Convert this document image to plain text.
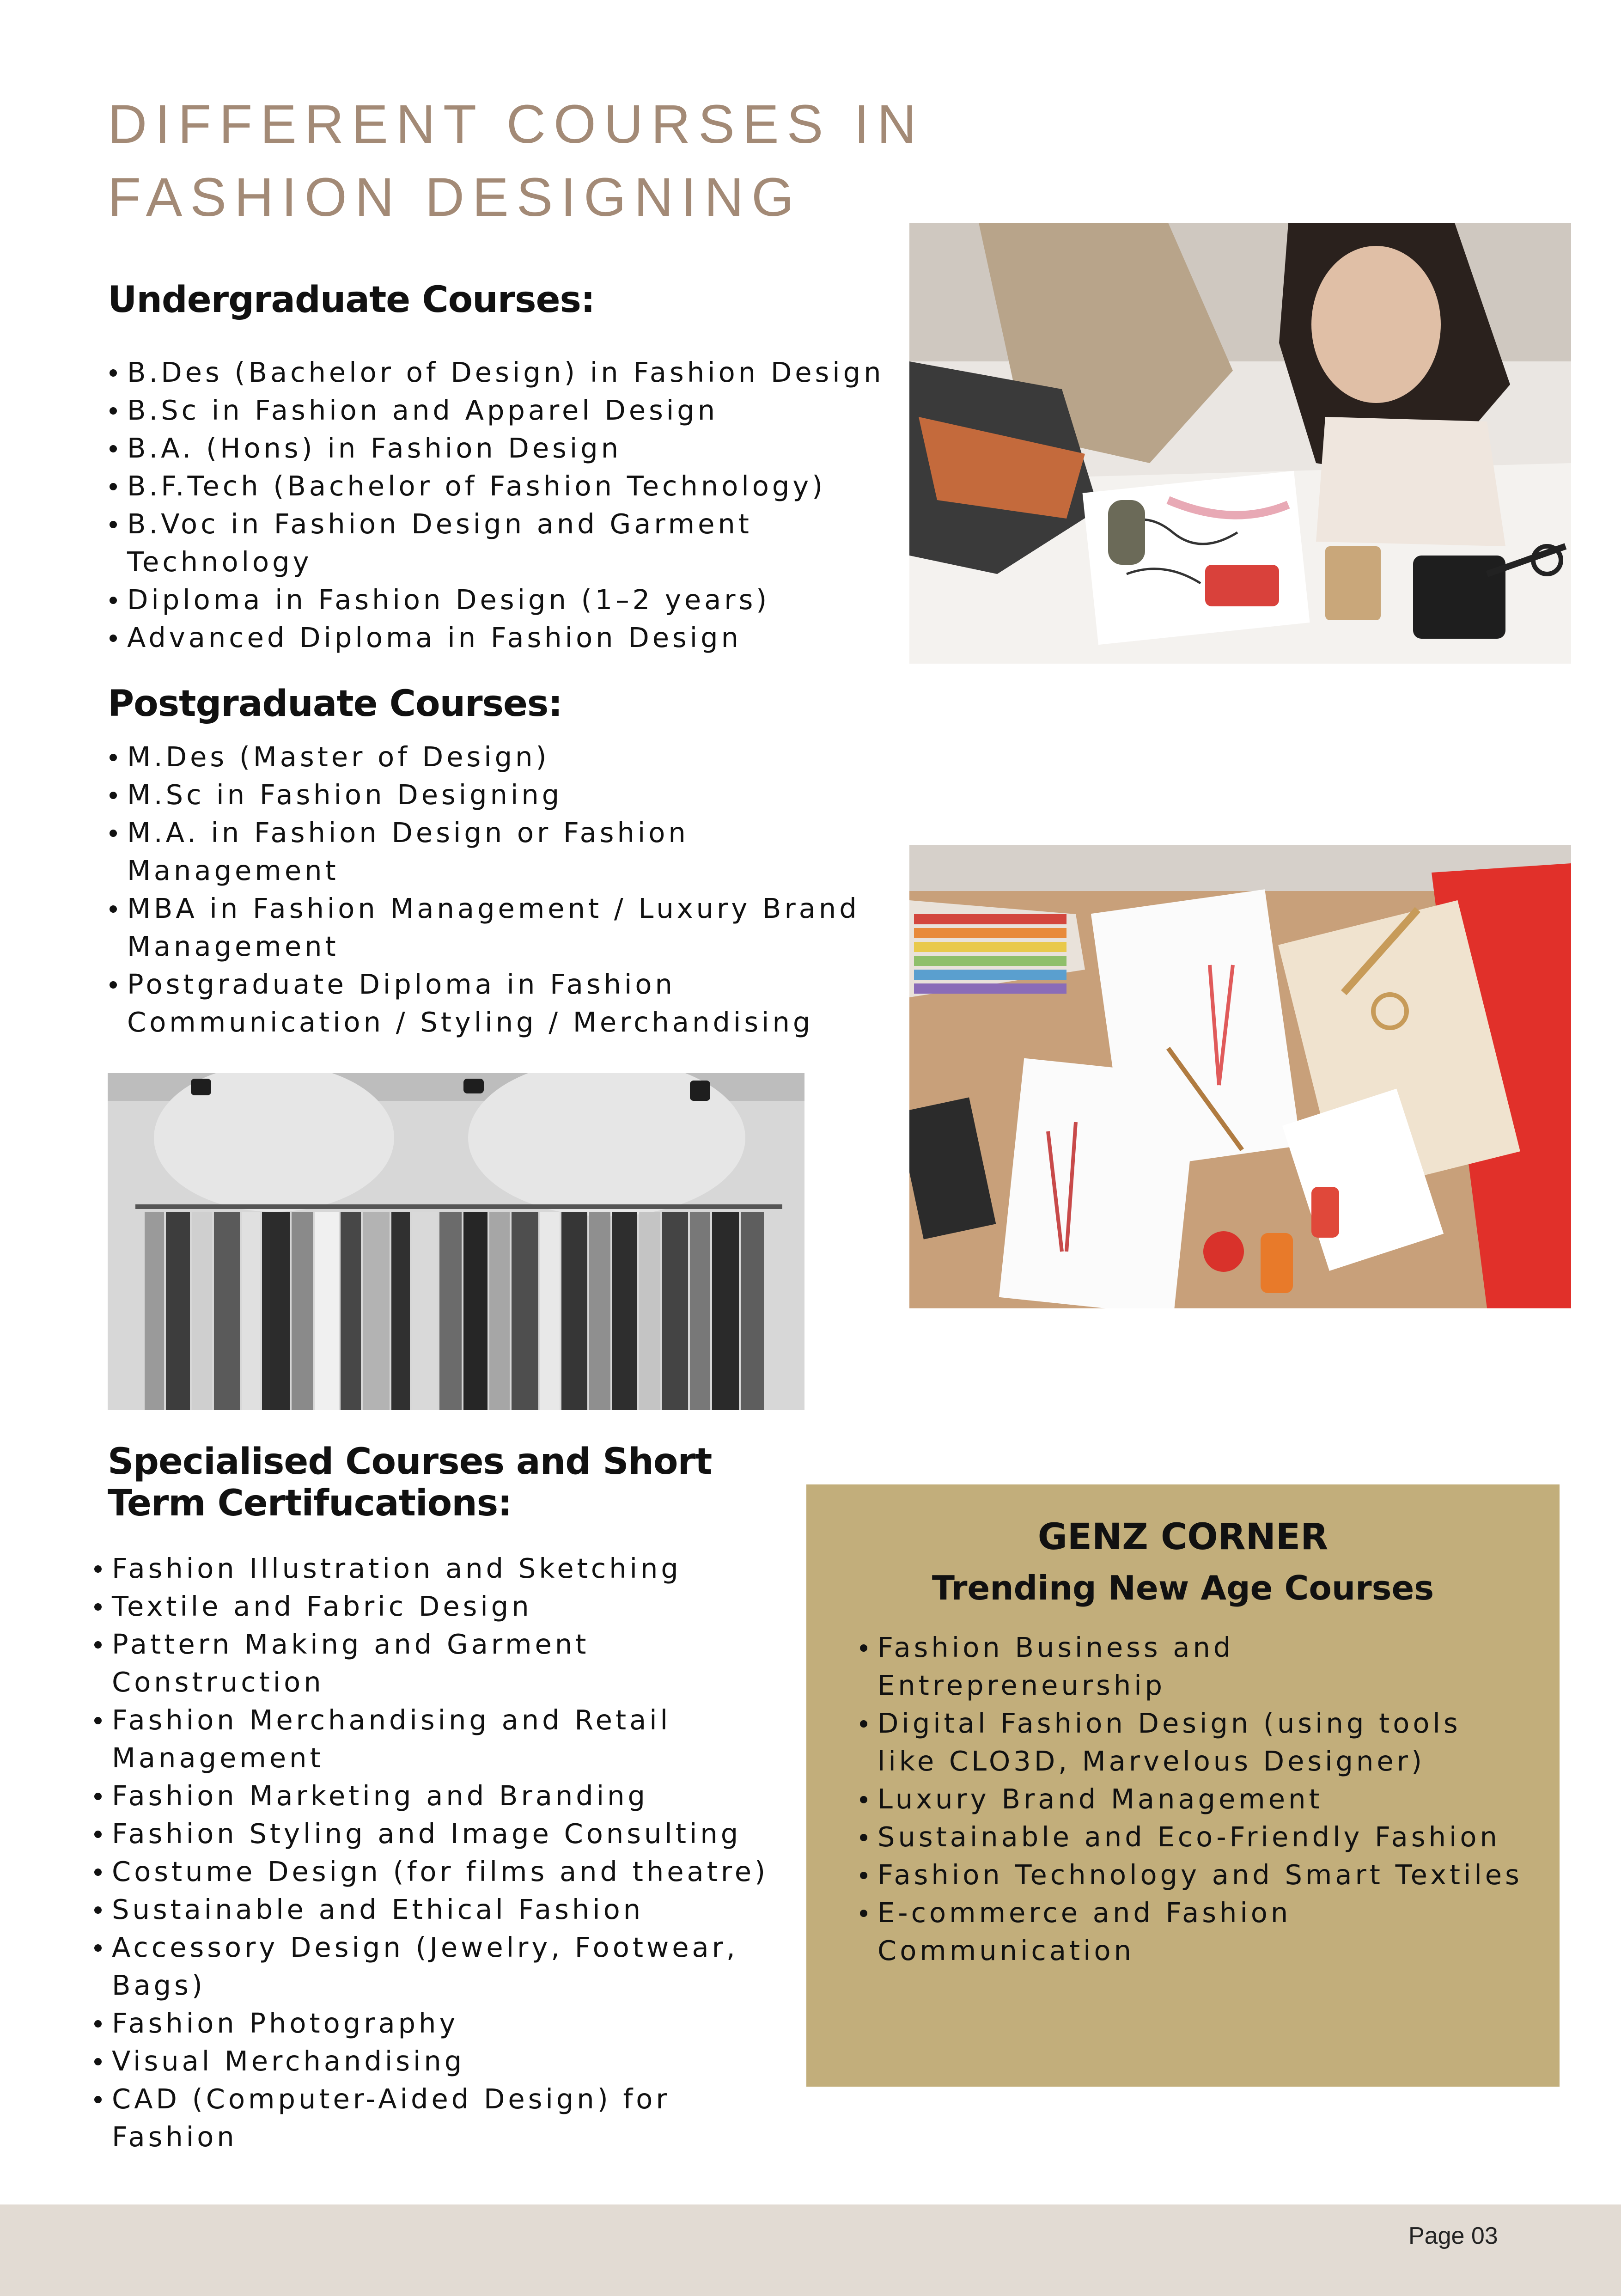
DIFFERENT COURSES IN
FASHION DESIGNING
Undergraduate Courses:
B.Des (Bachelor of Design) in Fashion Design
B.Sc in Fashion and Apparel Design
B.A. (Hons) in Fashion Design
B.F.Tech (Bachelor of Fashion Technology)
B.Voc in Fashion Design and Garment Technology
Diploma in Fashion Design (1–2 years)
Advanced Diploma in Fashion Design
Postgraduate Courses:
M.Des (Master of Design)
M.Sc in Fashion Designing
M.A. in Fashion Design or Fashion Management
MBA in Fashion Management / Luxury Brand Management
Postgraduate Diploma in Fashion Communication / Styling / Merchandising
Specialised Courses and Short
Term Certifucations:
Fashion Illustration and Sketching
Textile and Fabric Design
Pattern Making and Garment Construction
Fashion Merchandising and Retail Management
Fashion Marketing and Branding
Fashion Styling and Image Consulting
Costume Design (for films and theatre)
Sustainable and Ethical Fashion
Accessory Design (Jewelry, Footwear, Bags)
Fashion Photography
Visual Merchandising
CAD (Computer-Aided Design) for Fashion
GENZ CORNER
Trending New Age Courses
Fashion Business and Entrepreneurship
Digital Fashion Design (using tools like CLO3D, Marvelous Designer)
Luxury Brand Management
Sustainable and Eco-Friendly Fashion
Fashion Technology and Smart Textiles
E-commerce and Fashion Communication
Page 03
